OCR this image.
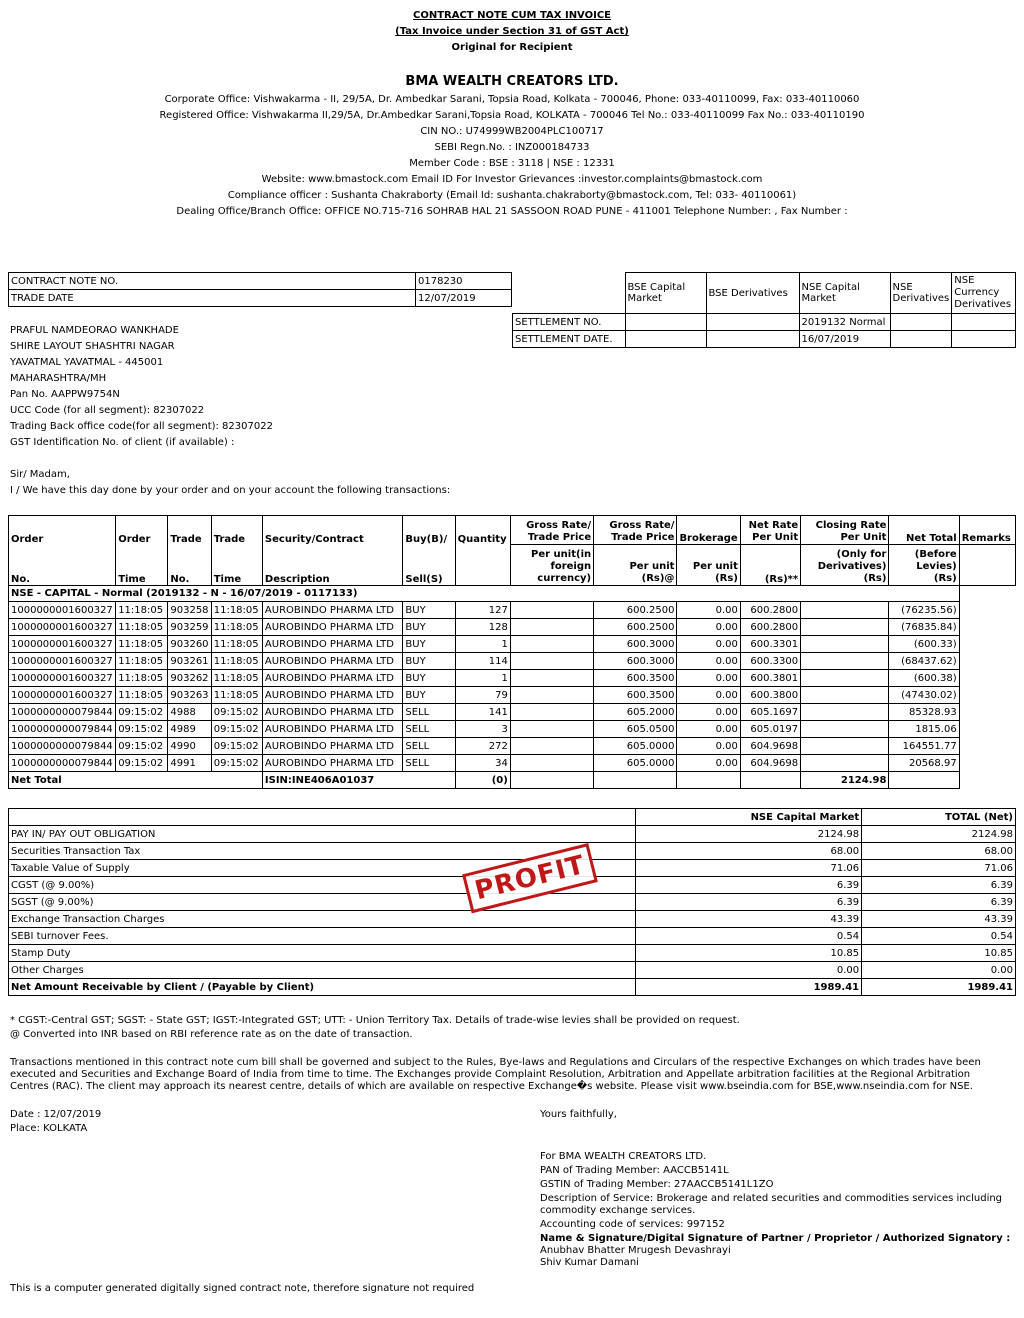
CONTRACT NOTE CUM TAX INVOICE
(Tax Invoice under Section 31 of GST Act)
Original for Recipient
BMA WEALTH CREATORS LTD.
Corporate Office: Vishwakarma - II, 29/5A, Dr. Ambedkar Sarani, Topsia Road, Kolkata - 700046, Phone: 033-40110099, Fax: 033-40110060
Registered Office: Vishwakarma II,29/5A, Dr.Ambedkar Sarani,Topsia Road, KOLKATA - 700046 Tel No.: 033-40110099 Fax No.: 033-40110190
CIN NO.: U74999WB2004PLC100717
SEBI Regn.No. : INZ000184733
Member Code : BSE : 3118 | NSE : 12331
Website: www.bmastock.com Email ID For Investor Grievances :investor.complaints@bmastock.com
Compliance officer : Sushanta Chakraborty (Email Id: sushanta.chakraborty@bmastock.com, Tel: 033- 40110061)
Dealing Office/Branch Office: OFFICE NO.715-716 SOHRAB HAL 21 SASSOON ROAD PUNE - 411001 Telephone Number: , Fax Number :
CONTRACT NOTE NO.	0178230
TRADE DATE	12/07/2019
	BSE Capital Market	BSE Derivatives	NSE Capital Market	NSE Derivatives	NSE Currency Derivatives
SETTLEMENT NO.			2019132 Normal		
SETTLEMENT DATE.			16/07/2019		
PRAFUL NAMDEORAO WANKHADE
SHIRE LAYOUT SHASHTRI NAGAR
YAVATMAL YAVATMAL - 445001
MAHARASHTRA/MH
Pan No. AAPPW9754N
UCC Code (for all segment): 82307022
Trading Back office code(for all segment): 82307022
GST Identification No. of client (if available) :
Sir/ Madam,
I / We have this day done by your order and on your account the following transactions:
Order	Order	Trade	Trade	Security/Contract	Buy(B)/	Quantity	Gross Rate/ Trade Price	Gross Rate/ Trade Price	Brokerage	Net Rate Per Unit	Closing Rate Per Unit	Net Total	Remarks
No.	Time	No.	Time	Description	Sell(S)		Per unit(in foreign currency)	Per unit (Rs)@	Per unit (Rs)	(Rs)**	(Only for Derivatives) (Rs)	(Before Levies) (Rs)	
NSE - CAPITAL - Normal (2019132 - N - 16/07/2019 - 0117133)													
1000000001600327	11:18:05	903258	11:18:05	AUROBINDO PHARMA LTD	BUY	127		600.2500	0.00	600.2800		(76235.56)	
1000000001600327	11:18:05	903259	11:18:05	AUROBINDO PHARMA LTD	BUY	128		600.2500	0.00	600.2800		(76835.84)	
1000000001600327	11:18:05	903260	11:18:05	AUROBINDO PHARMA LTD	BUY	1		600.3000	0.00	600.3301		(600.33)	
1000000001600327	11:18:05	903261	11:18:05	AUROBINDO PHARMA LTD	BUY	114		600.3000	0.00	600.3300		(68437.62)	
1000000001600327	11:18:05	903262	11:18:05	AUROBINDO PHARMA LTD	BUY	1		600.3500	0.00	600.3801		(600.38)	
1000000001600327	11:18:05	903263	11:18:05	AUROBINDO PHARMA LTD	BUY	79		600.3500	0.00	600.3800		(47430.02)	
1000000000079844	09:15:02	4988	09:15:02	AUROBINDO PHARMA LTD	SELL	141		605.2000	0.00	605.1697		85328.93	
1000000000079844	09:15:02	4989	09:15:02	AUROBINDO PHARMA LTD	SELL	3		605.0500	0.00	605.0197		1815.06	
1000000000079844	09:15:02	4990	09:15:02	AUROBINDO PHARMA LTD	SELL	272		605.0000	0.00	604.9698		164551.77	
1000000000079844	09:15:02	4991	09:15:02	AUROBINDO PHARMA LTD	SELL	34		605.0000	0.00	604.9698		20568.97	
Net Total				ISIN:INE406A01037		(0)					2124.98		
	NSE Capital Market	TOTAL (Net)
PAY IN/ PAY OUT OBLIGATION	2124.98	2124.98
Securities Transaction Tax	68.00	68.00
Taxable Value of Supply	71.06	71.06
CGST (@ 9.00%)	6.39	6.39
SGST (@ 9.00%)	6.39	6.39
Exchange Transaction Charges	43.39	43.39
SEBI turnover Fees.	0.54	0.54
Stamp Duty	10.85	10.85
Other Charges	0.00	0.00
Net Amount Receivable by Client / (Payable by Client)	1989.41	1989.41
PROFIT
* CGST:-Central GST; SGST: - State GST; IGST:-Integrated GST; UTT: - Union Territory Tax. Details of trade-wise levies shall be provided on request.
@ Converted into INR based on RBI reference rate as on the date of transaction.
Transactions mentioned in this contract note cum bill shall be governed and subject to the Rules, Bye-laws and Regulations and Circulars of the respective Exchanges on which trades have been
executed and Securities and Exchange Board of India from time to time. The Exchanges provide Complaint Resolution, Arbitration and Appellate arbitration facilities at the Regional Arbitration
Centres (RAC). The client may approach its nearest centre, details of which are available on respective Exchange�s website. Please visit www.bseindia.com for BSE,www.nseindia.com for NSE.
Date : 12/07/2019
Place: KOLKATA
Yours faithfully,
For BMA WEALTH CREATORS LTD.
PAN of Trading Member: AACCB5141L
GSTIN of Trading Member: 27AACCB5141L1ZO
Description of Service: Brokerage and related securities and commodities services including
commodity exchange services.
Accounting code of services: 997152
Name & Signature/Digital Signature of Partner / Proprietor / Authorized Signatory :
Anubhav Bhatter Mrugesh Devashrayi
Shiv Kumar Damani
This is a computer generated digitally signed contract note, therefore signature not required
